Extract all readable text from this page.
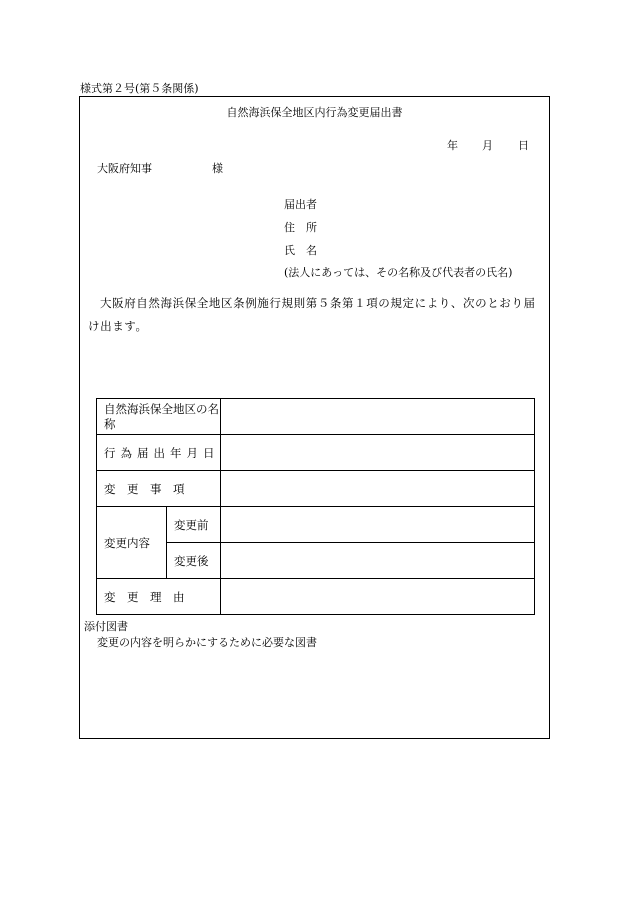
様式第２号(第５条関係)
自然海浜保全地区内行為変更届出書
年 月 日
大阪府知事	様
届出者
住　所
氏　名
(法人にあっては、その名称及び代表者の氏名)
大阪府自然海浜保全地区条例施行規則第５条第１項の規定により、次のとおり届け出ます。
自然海浜保全地区の名称		
行為届出年月日		
変　更　事　項		
変更内容	変更前	
	変更後	
変　更　理　由		
添付図書
変更の内容を明らかにするために必要な図書
